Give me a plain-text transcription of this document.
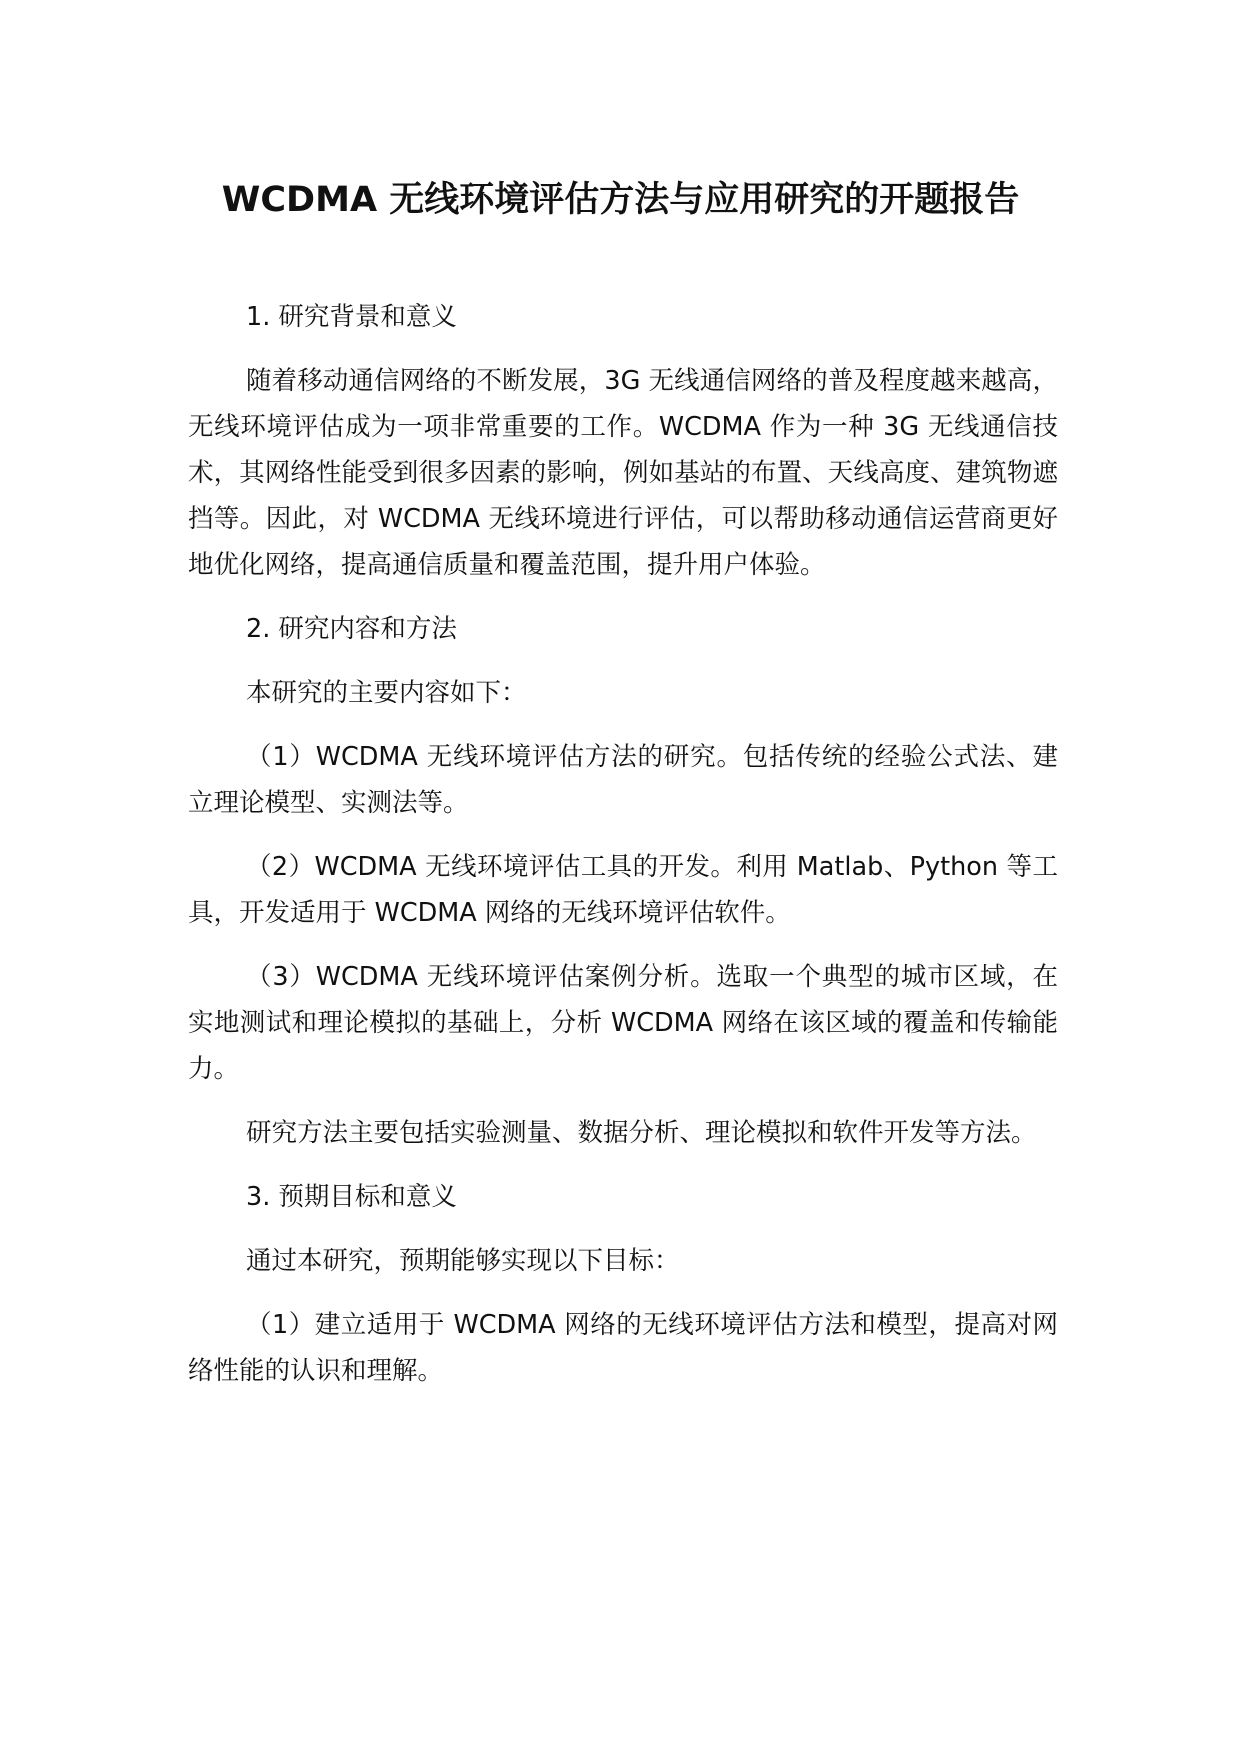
WCDMA 无线环境评估方法与应用研究的开题报告

1. 研究背景和意义

随着移动通信网络的不断发展，3G 无线通信网络的普及程度越来越高，无线环境评估成为一项非常重要的工作。WCDMA 作为一种 3G 无线通信技术，其网络性能受到很多因素的影响，例如基站的布置、天线高度、建筑物遮挡等。因此，对 WCDMA 无线环境进行评估，可以帮助移动通信运营商更好地优化网络，提高通信质量和覆盖范围，提升用户体验。

2. 研究内容和方法

本研究的主要内容如下：

（1）WCDMA 无线环境评估方法的研究。包括传统的经验公式法、建立理论模型、实测法等。

（2）WCDMA 无线环境评估工具的开发。利用 Matlab、Python 等工具，开发适用于 WCDMA 网络的无线环境评估软件。

（3）WCDMA 无线环境评估案例分析。选取一个典型的城市区域，在实地测试和理论模拟的基础上，分析 WCDMA 网络在该区域的覆盖和传输能力。

研究方法主要包括实验测量、数据分析、理论模拟和软件开发等方法。

3. 预期目标和意义

通过本研究，预期能够实现以下目标：

（1）建立适用于 WCDMA 网络的无线环境评估方法和模型，提高对网络性能的认识和理解。
